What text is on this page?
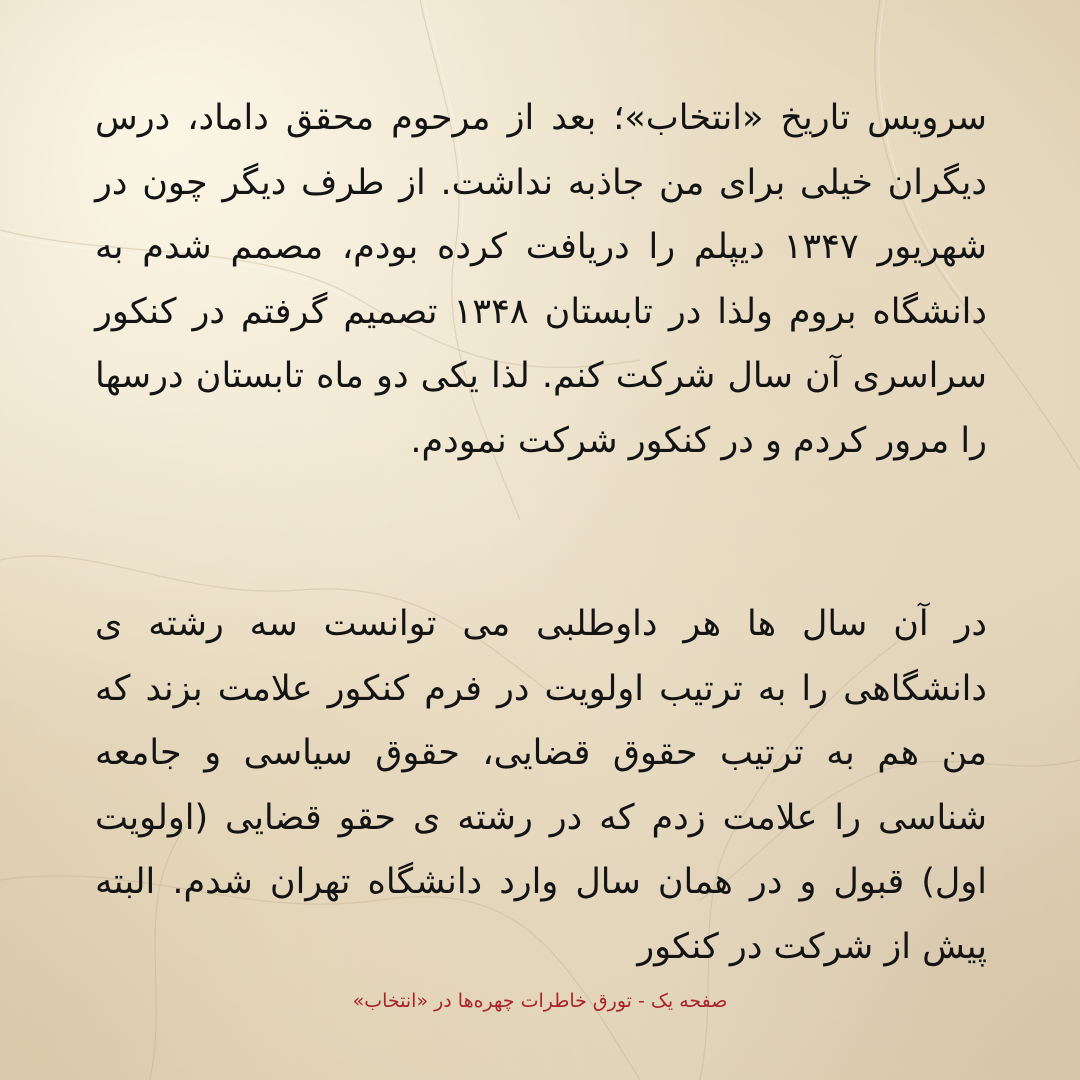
سرویس تاریخ «انتخاب»؛ بعد از مرحوم محقق داماد، درس دیگران خیلی برای من جاذبه نداشت. از طرف دیگر چون در شهریور ۱۳۴۷ دیپلم را دریافت کرده بودم، مصمم شدم به دانشگاه بروم ولذا در تابستان ۱۳۴۸ تصمیم گرفتم در کنکور سراسری آن سال شرکت کنم. لذا یکی دو ماه تابستان درسها را مرور کردم و در کنکور شرکت نمودم.

در آن سال ها هر داوطلبی می توانست سه رشته ی دانشگاهی را به ترتیب اولویت در فرم کنکور علامت بزند که من هم به ترتیب حقوق قضایی، حقوق سیاسی و جامعه شناسی را علامت زدم که در رشته ی حقو قضایی (اولویت اول) قبول و در همان سال وارد دانشگاه تهران شدم. البته پیش از شرکت در کنکور

صفحه یک - تورق خاطرات چهره‌ها در «انتخاب»
